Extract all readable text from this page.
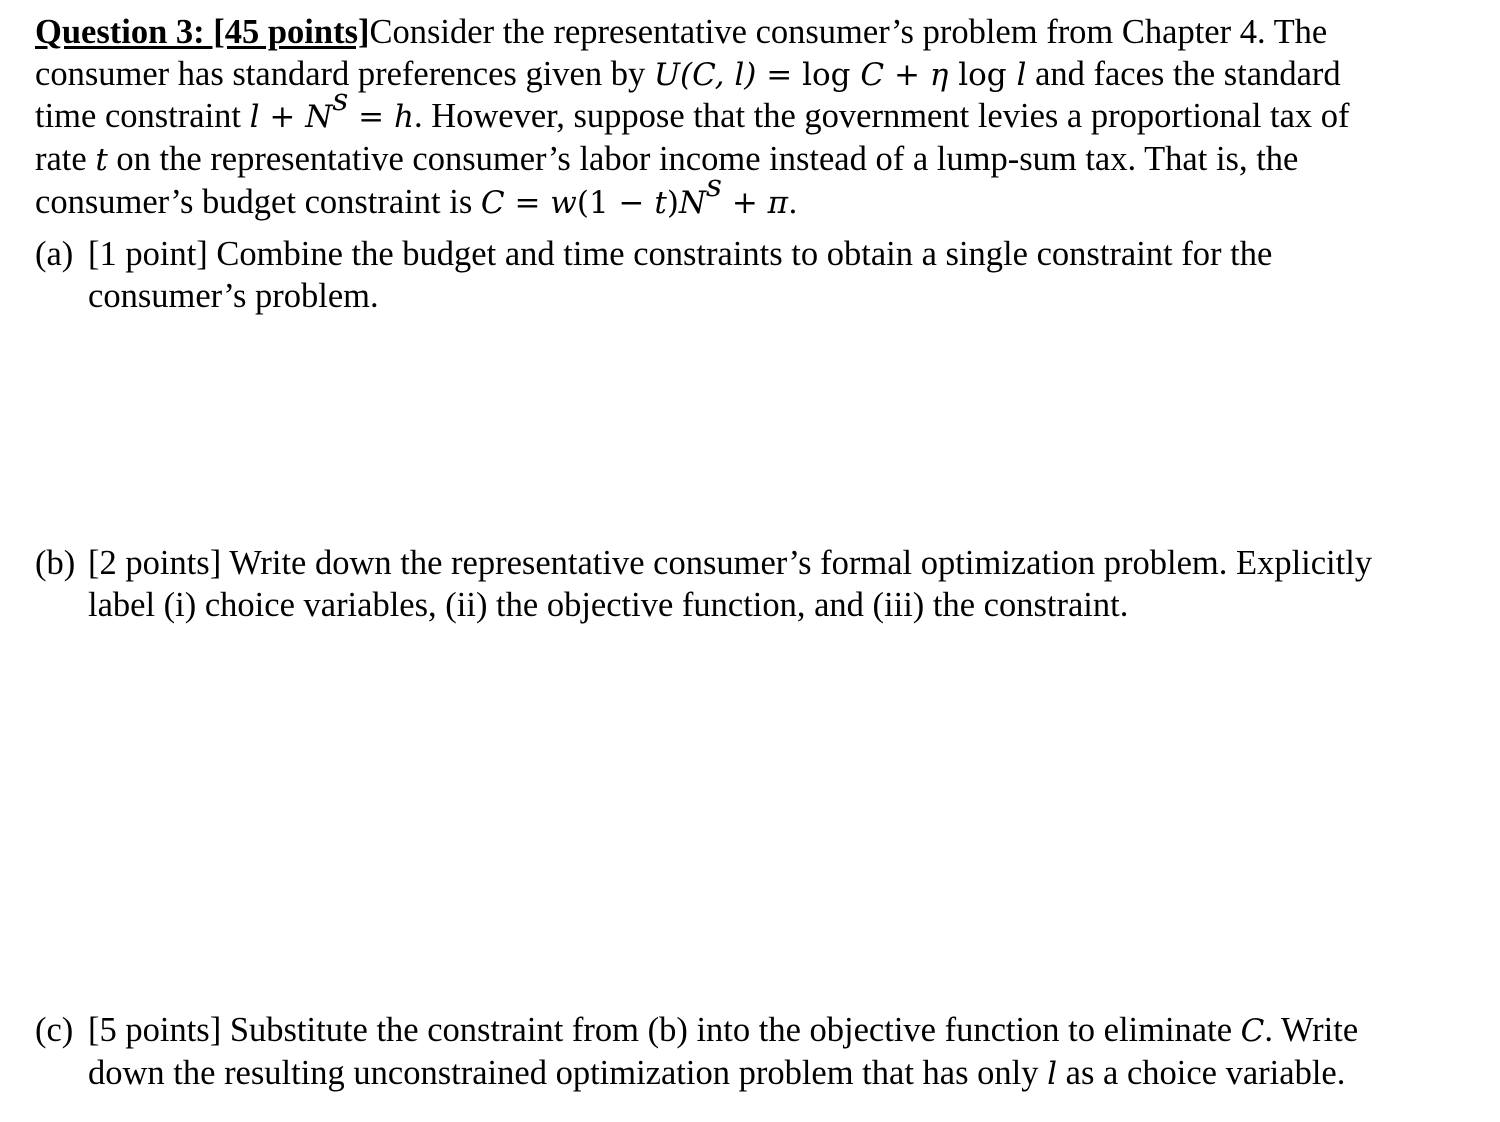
Question 3: [45 points]Consider the representative consumer’s problem from Chapter 4. The
consumer has standard preferences given by U(C, l) = log C + η log l and faces the standard
time constraint $l + N^s = h$. However, suppose that the government levies a proportional tax of
rate t on the representative consumer’s labor income instead of a lump-sum tax. That is, the
consumer’s budget constraint is $C = w(1 - t)N^s + \pi$.
(a) [1 point] Combine the budget and time constraints to obtain a single constraint for the
consumer’s problem.
(b) [2 points] Write down the representative consumer’s formal optimization problem. Explicitly
label (i) choice variables, (ii) the objective function, and (iii) the constraint.
(c) [5 points] Substitute the constraint from (b) into the objective function to eliminate C. Write
down the resulting unconstrained optimization problem that has only l as a choice variable.
